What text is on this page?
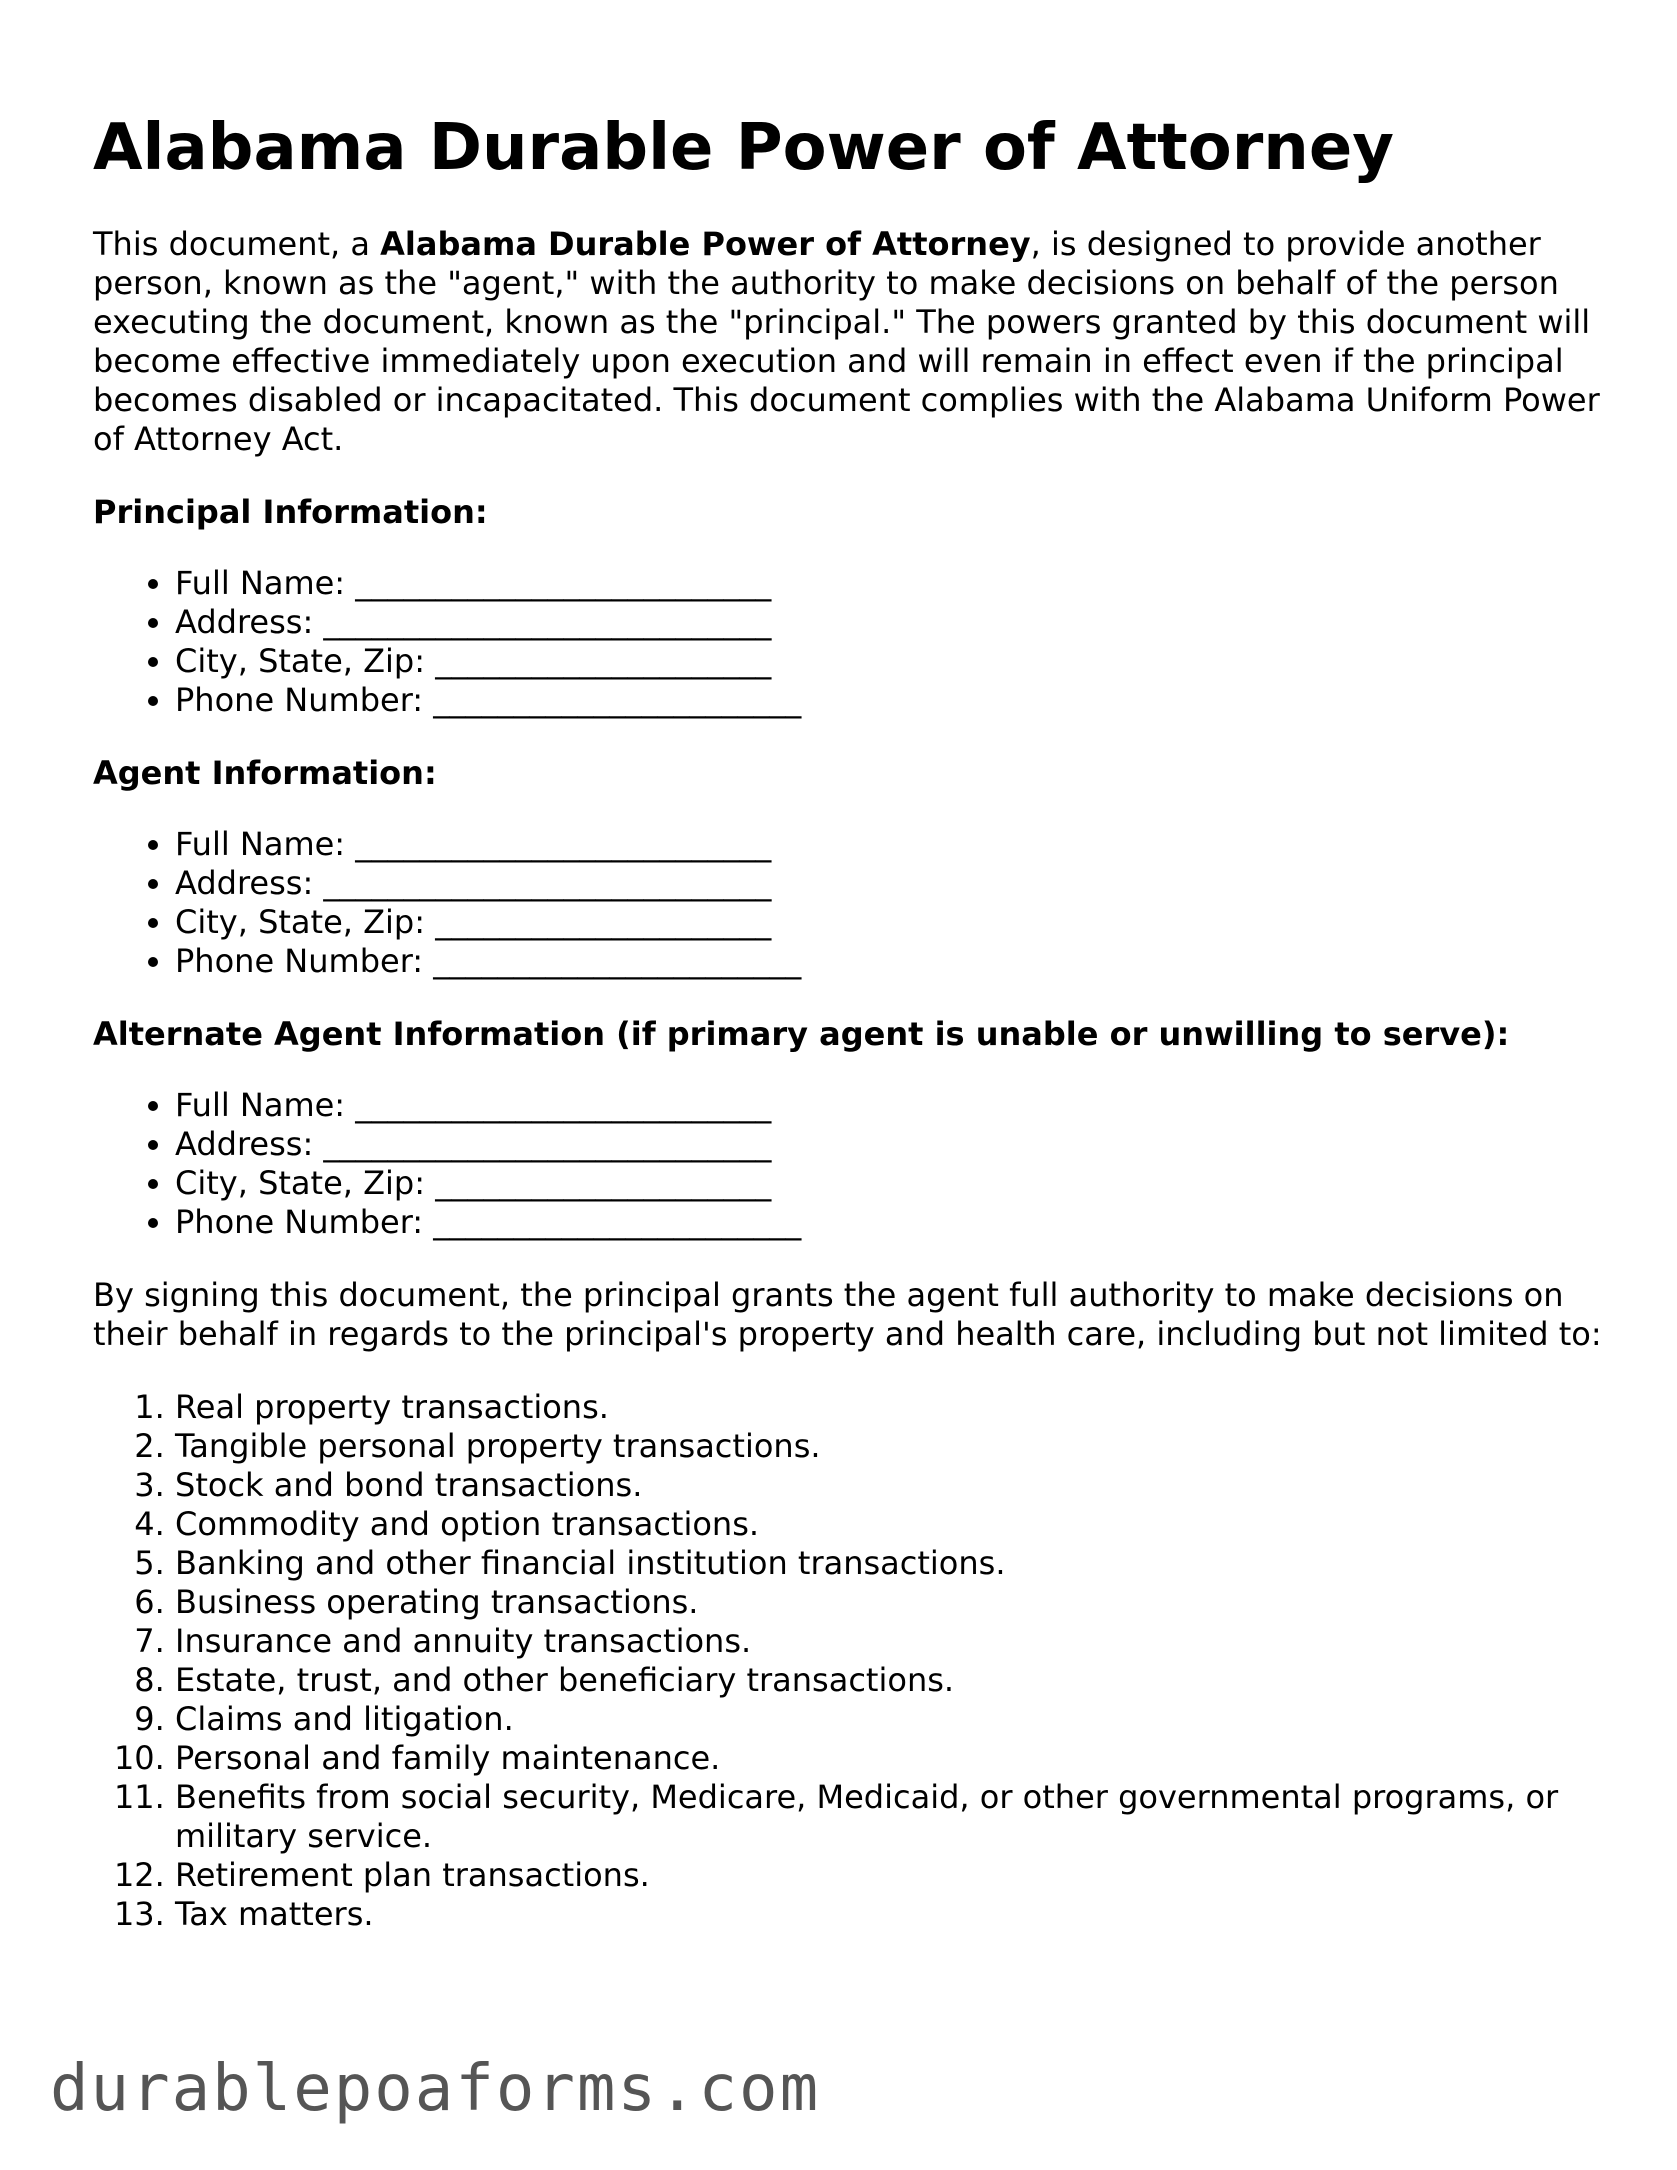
Alabama Durable Power of Attorney

This document, a Alabama Durable Power of Attorney, is designed to provide another person, known as the "agent," with the authority to make decisions on behalf of the person executing the document, known as the "principal." The powers granted by this document will become effective immediately upon execution and will remain in effect even if the principal becomes disabled or incapacitated. This document complies with the Alabama Uniform Power of Attorney Act.

Principal Information:

• Full Name: __________________________
• Address: ____________________________
• City, State, Zip: _____________________
• Phone Number: _______________________

Agent Information:

• Full Name: __________________________
• Address: ____________________________
• City, State, Zip: _____________________
• Phone Number: _______________________

Alternate Agent Information (if primary agent is unable or unwilling to serve):

• Full Name: __________________________
• Address: ____________________________
• City, State, Zip: _____________________
• Phone Number: _______________________

By signing this document, the principal grants the agent full authority to make decisions on their behalf in regards to the principal's property and health care, including but not limited to:

1. Real property transactions.
2. Tangible personal property transactions.
3. Stock and bond transactions.
4. Commodity and option transactions.
5. Banking and other financial institution transactions.
6. Business operating transactions.
7. Insurance and annuity transactions.
8. Estate, trust, and other beneficiary transactions.
9. Claims and litigation.
10. Personal and family maintenance.
11. Benefits from social security, Medicare, Medicaid, or other governmental programs, or military service.
12. Retirement plan transactions.
13. Tax matters.
durablepoaforms.com
